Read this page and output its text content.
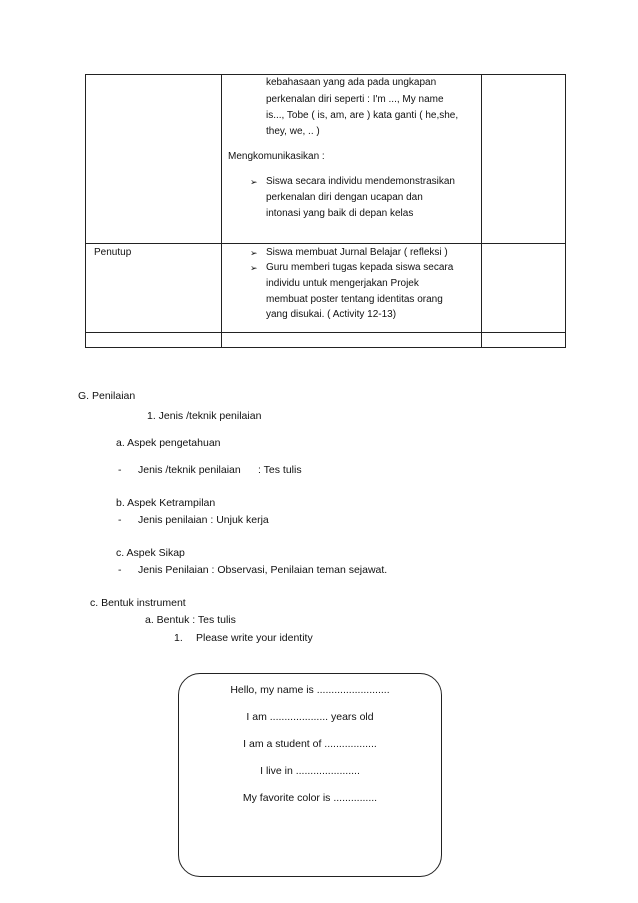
kebahasaan yang ada pada ungkapan
perkenalan diri seperti : I'm ..., My name
is..., Tobe ( is, am, are ) kata ganti ( he,she,
they, we, .. )
Mengkomunikasikan :
➢ Siswa secara individu mendemonstrasikan
perkenalan diri dengan ucapan dan
intonasi yang baik di depan kelas
Penutup	➢ Siswa membuat Jurnal Belajar ( refleksi )
➢ Guru memberi tugas kepada siswa secara
individu untuk mengerjakan Projek
membuat poster tentang identitas orang
yang disukai. ( Activity 12-13)
G. Penilaian
1. Jenis /teknik penilaian
a. Aspek pengetahuan
- Jenis /teknik penilaian : Tes tulis
b. Aspek Ketrampilan
- Jenis penilaian : Unjuk kerja
c. Aspek Sikap
- Jenis Penilaian : Observasi, Penilaian teman sejawat.
c. Bentuk instrument
a. Bentuk : Tes tulis
1. Please write your identity
Hello, my name is .........................
I am .................... years old
I am a student of ..................
I live in ......................
My favorite color is ...............
